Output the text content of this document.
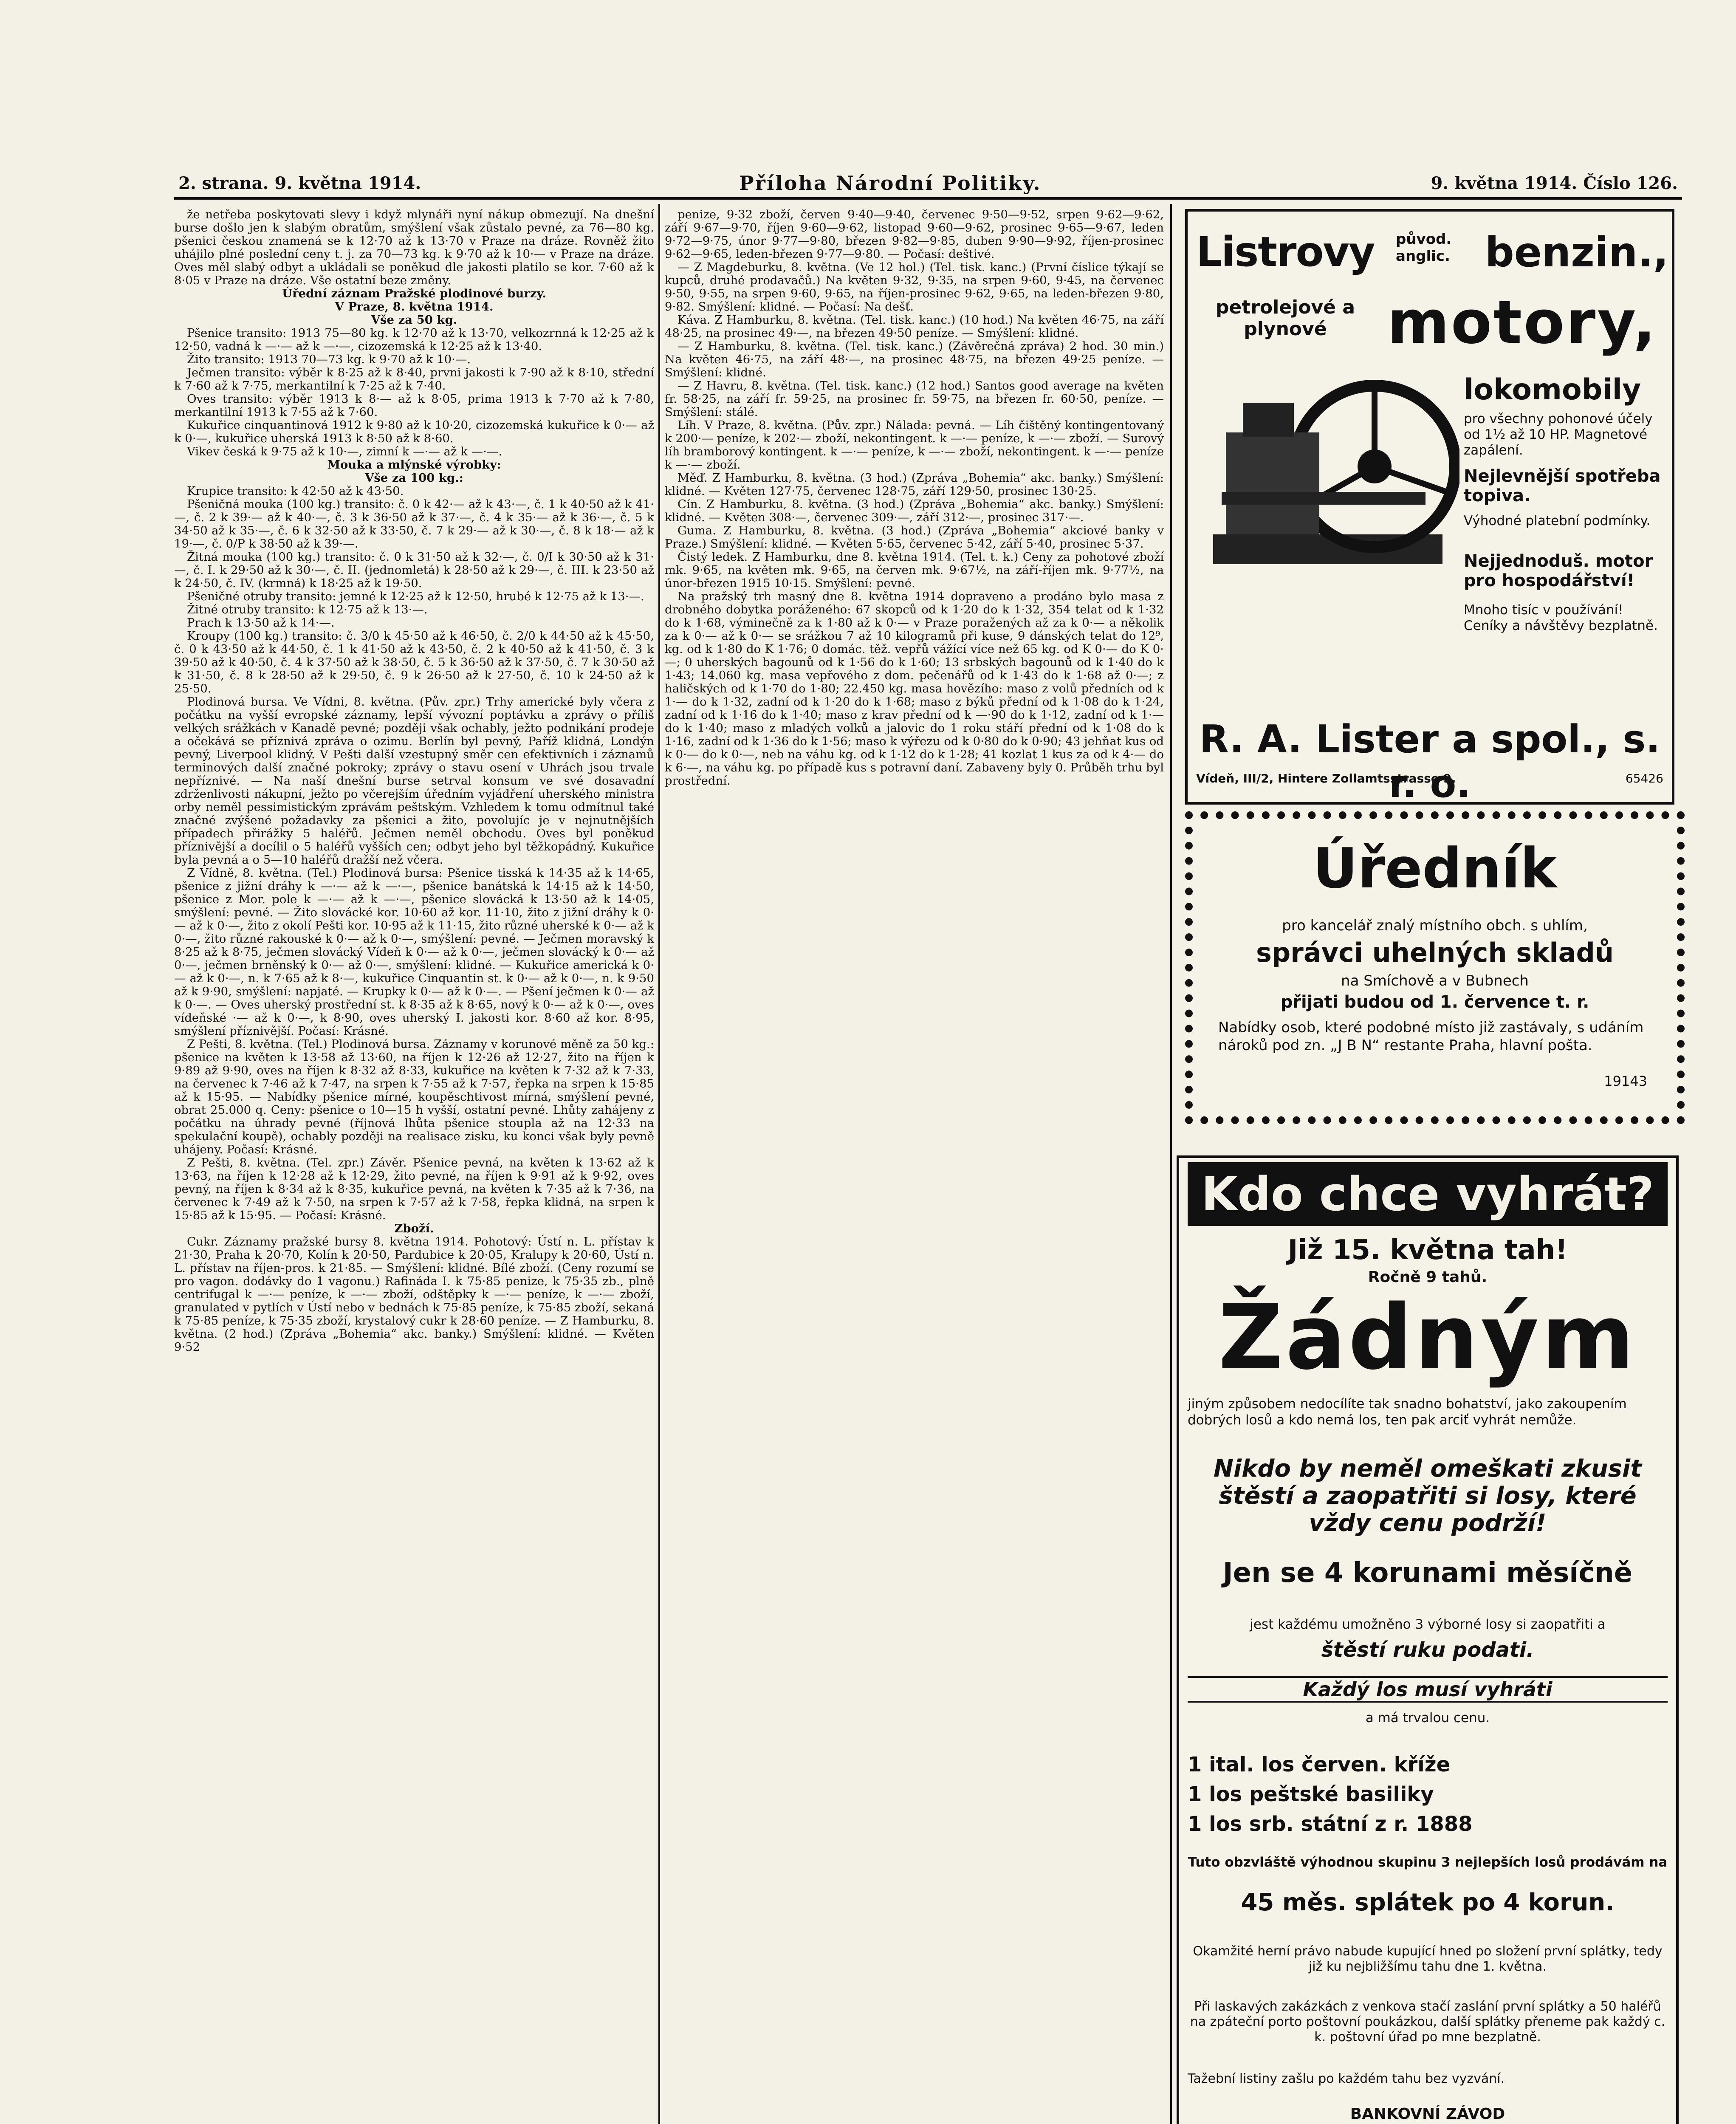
2. strana. 9. května 1914.	Příloha Národní Politiky.	9. května 1914. Číslo 126.

že netřeba poskytovati slevy i když mlynáři nyní nákup obmezují. Na dnešní burse došlo jen k slabým obratům, smýšlení však zůstalo pevné, za 76—80 kg. pšenici českou znamená se k 12·70 až k 13·70 v Praze na dráze. Rovněž žito uhájilo plné poslední ceny t. j. za 70—73 kg. k 9·70 až k 10·— v Praze na dráze. Oves měl slabý odbyt a ukládali se poněkud dle jakosti platilo se kor. 7·60 až k 8·05 v Praze na dráze. Vše ostatní beze změny.

Úřední záznam Pražské plodinové burzy.

V Praze, 8. května 1914.

Vše za 50 kg.

Pšenice transito: 1913 75—80 kg. k 12·70 až k 13·70, velkozrnná k 12·25 až k 12·50, vadná k —·— až k —·—, cizozemská k 12·25 až k 13·40.

Žito transito: 1913 70—73 kg. k 9·70 až k 10·—.

Ječmen transito: výběr k 8·25 až k 8·40, prvni jakosti k 7·90 až k 8·10, střední k 7·60 až k 7·75, merkantilní k 7·25 až k 7·40.

Oves transito: výběr 1913 k 8·— až k 8·05, prima 1913 k 7·70 až k 7·80, merkantilní 1913 k 7·55 až k 7·60.

Kukuřice cinquantinová 1912 k 9·80 až k 10·20, cizozemská kukuřice k 0·— až k 0·—, kukuřice uherská 1913 k 8·50 až k 8·60.

Vikev česká k 9·75 až k 10·—, zimní k —·— až k —·—.

Mouka a mlýnské výrobky:

Vše za 100 kg.:

Krupice transito: k 42·50 až k 43·50.

Pšeničná mouka (100 kg.) transito: č. 0 k 42·— až k 43·—, č. 1 k 40·50 až k 41·—, č. 2 k 39·— až k 40·—, č. 3 k 36·50 až k 37·—, č. 4 k 35·— až k 36·—, č. 5 k 34·50 až k 35·—, č. 6 k 32·50 až k 33·50, č. 7 k 29·— až k 30·—, č. 8 k 18·— až k 19·—, č. 0/P k 38·50 až k 39·—.

Žitná mouka (100 kg.) transito: č. 0 k 31·50 až k 32·—, č. 0/I k 30·50 až k 31·—, č. I. k 29·50 až k 30·—, č. II. (jednomletá) k 28·50 až k 29·—, č. III. k 23·50 až k 24·50, č. IV. (krmná) k 18·25 až k 19·50.

Pšeničné otruby transito: jemné k 12·25 až k 12·50, hrubé k 12·75 až k 13·—.

Žitné otruby transito: k 12·75 až k 13·—.

Prach k 13·50 až k 14·—.

Kroupy (100 kg.) transito: č. 3/0 k 45·50 až k 46·50, č. 2/0 k 44·50 až k 45·50, č. 0 k 43·50 až k 44·50, č. 1 k 41·50 až k 43·50, č. 2 k 40·50 až k 41·50, č. 3 k 39·50 až k 40·50, č. 4 k 37·50 až k 38·50, č. 5 k 36·50 až k 37·50, č. 7 k 30·50 až k 31·50, č. 8 k 28·50 až k 29·50, č. 9 k 26·50 až k 27·50, č. 10 k 24·50 až k 25·50.

Plodinová bursa. Ve Vídni, 8. května. (Pův. zpr.) Trhy americké byly včera z počátku na vyšší evropské záznamy, lepší vývozní poptávku a zprávy o příliš velkých srážkách v Kanadě pevné; později však ochably, ježto podnikání prodeje a očekává se příznivá zpráva o ozimu. Berlín byl pevný, Paříž klidná, Londýn pevný, Liverpool klidný. V Pešti další vzestupný směr cen efektivních i záznamů terminových další značné pokroky; zprávy o stavu osení v Uhrách jsou trvale nepříznivé. — Na naší dnešní burse setrval konsum ve své dosavadní zdrženlivosti nákupní, ježto po včerejším úředním vyjádření uherského ministra orby neměl pessimistickým zprávám peštským. Vzhledem k tomu odmítnul také značné zvýšené požadavky za pšenici a žito, povolujíc je v nejnutnějších případech přirážky 5 haléřů. Ječmen neměl obchodu. Oves byl poněkud příznivější a docílil o 5 haléřů vyšších cen; odbyt jeho byl těžkopádný. Kukuřice byla pevná a o 5—10 haléřů dražší než včera.

Z Vídně, 8. května. (Tel.) Plodinová bursa: Pšenice tisská k 14·35 až k 14·65, pšenice z jižní dráhy k —·— až k —·—, pšenice banátská k 14·15 až k 14·50, pšenice z Mor. pole k —·— až k —·—, pšenice slovácká k 13·50 až k 14·05, smýšlení: pevné. — Žito slovácké kor. 10·60 až kor. 11·10, žito z jižní dráhy k 0·— až k 0·—, žito z okolí Pešti kor. 10·95 až k 11·15, žito různé uherské k 0·— až k 0·—, žito různé rakouské k 0·— až k 0·—, smýšlení: pevné. — Ječmen moravský k 8·25 až k 8·75, ječmen slovácký Vídeň k 0·— až k 0·—, ječmen slovácký k 0·— až 0·—, ječmen brněnský k 0·— až 0·—, smýšlení: klidné. — Kukuřice americká k 0·— až k 0·—, n. k 7·65 až k 8·—, kukuřice Cinquantin st. k 0·— až k 0·—, n. k 9·50 až k 9·90, smýšlení: napjaté. — Krupky k 0·— až k 0·—. — Pšení ječmen k 0·— až k 0·—. — Oves uherský prostřední st. k 8·35 až k 8·65, nový k 0·— až k 0·—, oves vídeňské ·— až k 0·—, k 8·90, oves uherský I. jakosti kor. 8·60 až kor. 8·95, smýšlení příznivější. Počasí: Krásné.

Z Pešti, 8. května. (Tel.) Plodinová bursa. Záznamy v korunové měně za 50 kg.: pšenice na květen k 13·58 až 13·60, na říjen k 12·26 až 12·27, žito na říjen k 9·89 až 9·90, oves na říjen k 8·32 až 8·33, kukuřice na květen k 7·32 až k 7·33, na červenec k 7·46 až k 7·47, na srpen k 7·55 až k 7·57, řepka na srpen k 15·85 až k 15·95. — Nabídky pšenice mírné, koupěschtivost mírná, smýšlení pevné, obrat 25.000 q. Ceny: pšenice o 10—15 h vyšší, ostatní pevné. Lhůty zahájeny z počátku na úhrady pevné (říjnová lhůta pšenice stoupla až na 12·33 na spekulační koupě), ochably později na realisace zisku, ku konci však byly pevně uhájeny. Počasí: Krásné.

Z Pešti, 8. května. (Tel. zpr.) Závěr. Pšenice pevná, na květen k 13·62 až k 13·63, na říjen k 12·28 až k 12·29, žito pevné, na říjen k 9·91 až k 9·92, oves pevný, na říjen k 8·34 až k 8·35, kukuřice pevná, na květen k 7·35 až k 7·36, na červenec k 7·49 až k 7·50, na srpen k 7·57 až k 7·58, řepka klidná, na srpen k 15·85 až k 15·95. — Počasí: Krásné.

Zboží.

Cukr. Záznamy pražské bursy 8. května 1914. Pohotový: Ústí n. L. přístav k 21·30, Praha k 20·70, Kolín k 20·50, Pardubice k 20·05, Kralupy k 20·60, Ústí n. L. přístav na říjen-pros. k 21·85. — Smýšlení: klidné. Bílé zboží. (Ceny rozumí se pro vagon. dodávky do 1 vagonu.) Rafináda I. k 75·85 penize, k 75·35 zb., plně centrifugal k —·— peníze, k —·— zboží, odštěpky k —·— peníze, k —·— zboží, granulated v pytlích v Ústí nebo v bednách k 75·85 peníze, k 75·85 zboží, sekaná k 75·85 peníze, k 75·35 zboží, krystalový cukr k 28·60 peníze. — Z Hamburku, 8. května. (2 hod.) (Zpráva „Bohemia“ akc. banky.) Smýšlení: klidné. — Květen 9·52

penize, 9·32 zboží, červen 9·40—9·40, červenec 9·50—9·52, srpen 9·62—9·62, září 9·67—9·70, říjen 9·60—9·62, listopad 9·60—9·62, prosinec 9·65—9·67, leden 9·72—9·75, únor 9·77—9·80, březen 9·82—9·85, duben 9·90—9·92, říjen-prosinec 9·62—9·65, leden-březen 9·77—9·80. — Počasí: deštivé.

— Z Magdeburku, 8. května. (Ve 12 hol.) (Tel. tisk. kanc.) (První číslice týkají se kupců, druhé prodavačů.) Na květen 9·32, 9·35, na srpen 9·60, 9·45, na červenec 9·50, 9·55, na srpen 9·60, 9·65, na říjen-prosinec 9·62, 9·65, na leden-březen 9·80, 9·82. Smýšlení: klidné. — Počasí: Na dešť.

Káva. Z Hamburku, 8. května. (Tel. tisk. kanc.) (10 hod.) Na květen 46·75, na září 48·25, na prosinec 49·—, na březen 49·50 peníze. — Smýšlení: klidné.

— Z Hamburku, 8. května. (Tel. tisk. kanc.) (Závěrečná zpráva) 2 hod. 30 min.) Na květen 46·75, na září 48·—, na prosinec 48·75, na březen 49·25 peníze. — Smýšlení: klidné.

— Z Havru, 8. května. (Tel. tisk. kanc.) (12 hod.) Santos good average na květen fr. 58·25, na září fr. 59·25, na prosinec fr. 59·75, na březen fr. 60·50, peníze. — Smýšlení: stálé.

Líh. V Praze, 8. května. (Pův. zpr.) Nálada: pevná. — Líh čištěný kontingentovaný k 200·— peníze, k 202·— zboží, nekontingent. k —·— peníze, k —·— zboží. — Surový líh bramborový kontingent. k —·— peníze, k —·— zboží, nekontingent. k —·— peníze k —·— zboží.

Měď. Z Hamburku, 8. května. (3 hod.) (Zpráva „Bohemia“ akc. banky.) Smýšlení: klidné. — Květen 127·75, červenec 128·75, září 129·50, prosinec 130·25.

Cín. Z Hamburku, 8. května. (3 hod.) (Zpráva „Bohemia“ akc. banky.) Smýšlení: klidné. — Květen 308·—, červenec 309·—, září 312·—, prosinec 317·—.

Guma. Z Hamburku, 8. května. (3 hod.) (Zpráva „Bohemia“ akciové banky v Praze.) Smýšlení: klidné. — Květen 5·65, červenec 5·42, září 5·40, prosinec 5·37.

Čistý ledek. Z Hamburku, dne 8. května 1914. (Tel. t. k.) Ceny za pohotové zboží mk. 9·65, na květen mk. 9·65, na červen mk. 9·67½, na září-říjen mk. 9·77½, na únor-březen 1915 10·15. Smýšlení: pevné.

Na pražský trh masný dne 8. května 1914 dopraveno a prodáno bylo masa z drobného dobytka poráženého: 67 skopců od k 1·20 do k 1·32, 354 telat od k 1·32 do k 1·68, výminečně za k 1·80 až k 0·— v Praze poražených až za k 0·— a několik za k 0·— až k 0·— se srážkou 7 až 10 kilogramů při kuse, 9 dánských telat do 12⁹, kg. od k 1·80 do K 1·76; 0 domác. těž. vepřů vážící více než 65 kg. od K 0·— do K 0·—; 0 uherských bagounů od k 1·56 do k 1·60; 13 srbských bagounů od k 1·40 do k 1·43; 14.060 kg. masa vepřového z dom. pečenářů od k 1·43 do k 1·68 až 0·—; z haličských od k 1·70 do 1·80; 22.450 kg. masa hovězího: maso z volů předních od k 1·— do k 1·32, zadní od k 1·20 do k 1·68; maso z býků přední od k 1·08 do k 1·24, zadní od k 1·16 do k 1·40; maso z krav přední od k —·90 do k 1·12, zadní od k 1·— do k 1·40; maso z mladých volků a jalovic do 1 roku stáří přední od k 1·08 do k 1·16, zadní od k 1·36 do k 1·56; maso k výřezu od k 0·80 do k 0·90; 43 jehňat kus od k 0·— do k 0·—, neb na váhu kg. od k 1·12 do k 1·28; 41 kozlat 1 kus za od k 4·— do k 6·—, na váhu kg. po případě kus s potravní daní. Zabaveny byly 0. Průběh trhu byl prostřední.

Listrovy původ. anglic. benzin.,
petrolejové a plynové	motory,
lokomobily
pro všechny pohonové účely od 1½ až 10 HP. Magnetové zapálení.
Nejlevnější spotřeba topiva.
Výhodné platební podmínky.
Nejjednoduš. motor pro hospodářství!
Mnoho tisíc v používání! Ceníky a návštěvy bezplatně.
R. A. Lister a spol., s. r. o.
Vídeň, III/2, Hintere Zollamtsstrasse 9.	65426
Úředník
pro kancelář znalý místního obch. s uhlím,
správci uhelných skladů
na Smíchově a v Bubnech
přijati budou od 1. července t. r.
Nabídky osob, které podobné místo již zastávaly, s udáním nároků pod zn. „J B N“ restante Praha, hlavní pošta.
19143
Kdo chce vyhrát?
Již 15. května tah!
Ročně 9 tahů.
Žádným
jiným způsobem nedocílíte tak snadno bohatství, jako zakoupením dobrých losů a kdo nemá los, ten pak arciť vyhrát nemůže.
Nikdo by neměl omeškati zkusit štěstí a zaopatřiti si losy, které vždy cenu podrží!
Jen se 4 korunami měsíčně
jest každému umožněno 3 výborné losy si zaopatřiti a
štěstí ruku podati.
Každý los musí vyhráti
a má trvalou cenu.
1 ital. los červen. kříže
1 los peštské basiliky
1 los srb. státní z r. 1888
Tuto obzvláště výhodnou skupinu 3 nejlepších losů prodávám na
45 měs. splátek po 4 korun.
Okamžité herní právo nabude kupující hned po složení první splátky, tedy již ku nejbližšímu tahu dne 1. května.
Při laskavých zakázkách z venkova stačí zaslání první splátky a 50 haléřů na zpáteční porto poštovní poukázkou, další splátky přeneme pak každý c. k. poštovní úřad po mne bezplatně.
Tažební listiny zašlu po každém tahu bez vyzvání.
BANKOVNÍ ZÁVOD
